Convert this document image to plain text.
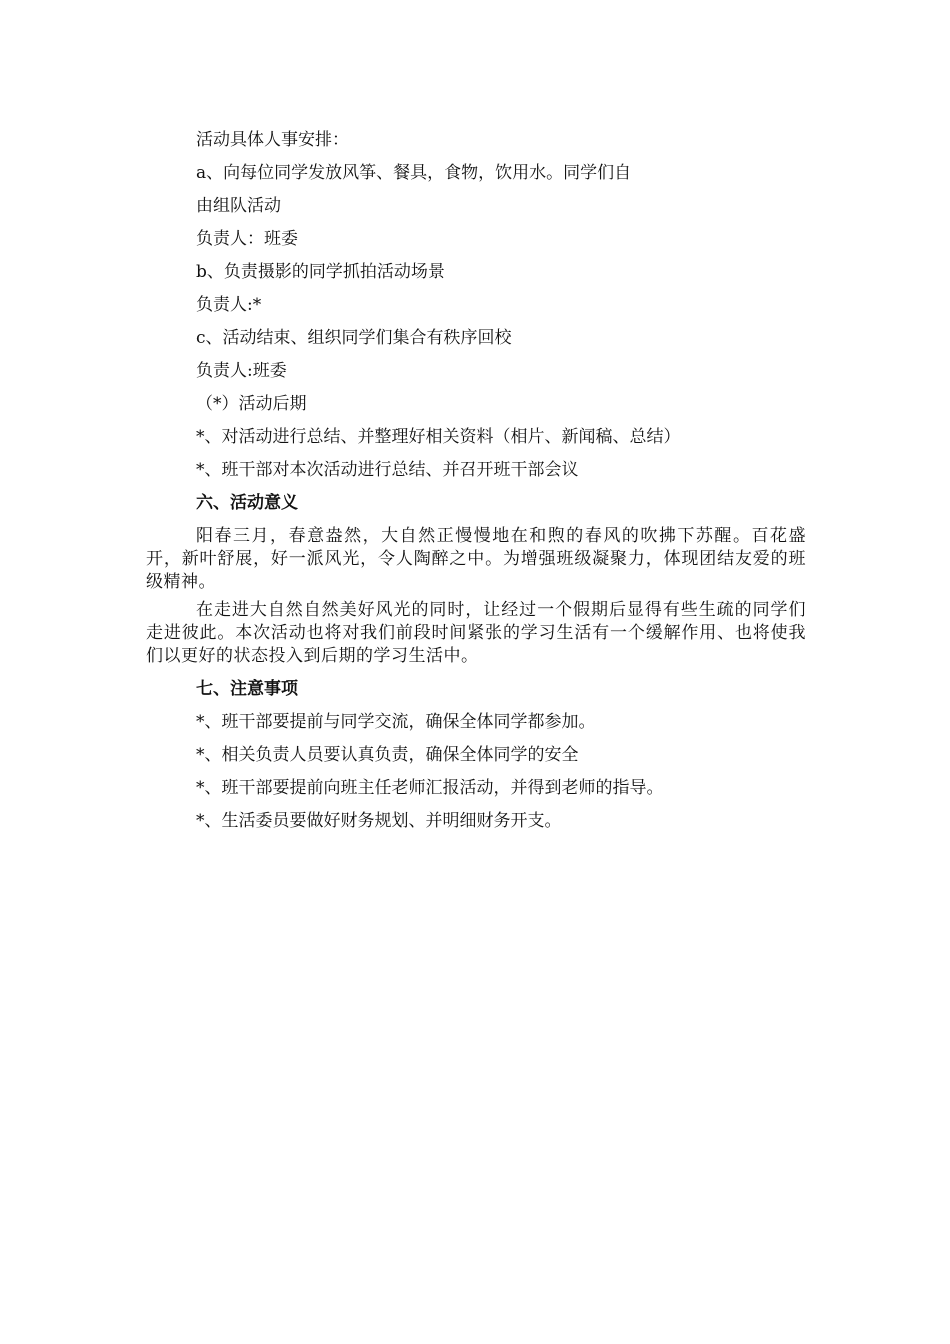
活动具体人事安排：
a、向每位同学发放风筝、餐具，食物，饮用水。同学们自
由组队活动
负责人：班委
b、负责摄影的同学抓拍活动场景
负责人:*
c、活动结束、组织同学们集合有秩序回校
负责人:班委
（*）活动后期
*、对活动进行总结、并整理好相关资料（相片、新闻稿、总结）
*、班干部对本次活动进行总结、并召开班干部会议
六、活动意义

阳春三月，春意盎然，大自然正慢慢地在和煦的春风的吹拂下苏醒。百花盛开，新叶舒展，好一派风光，令人陶醉之中。为增强班级凝聚力，体现团结友爱的班级精神。

在走进大自然自然美好风光的同时，让经过一个假期后显得有些生疏的同学们走进彼此。本次活动也将对我们前段时间紧张的学习生活有一个缓解作用、也将使我们以更好的状态投入到后期的学习生活中。

七、注意事项
*、班干部要提前与同学交流，确保全体同学都参加。
*、相关负责人员要认真负责，确保全体同学的安全
*、班干部要提前向班主任老师汇报活动，并得到老师的指导。
*、生活委员要做好财务规划、并明细财务开支。
